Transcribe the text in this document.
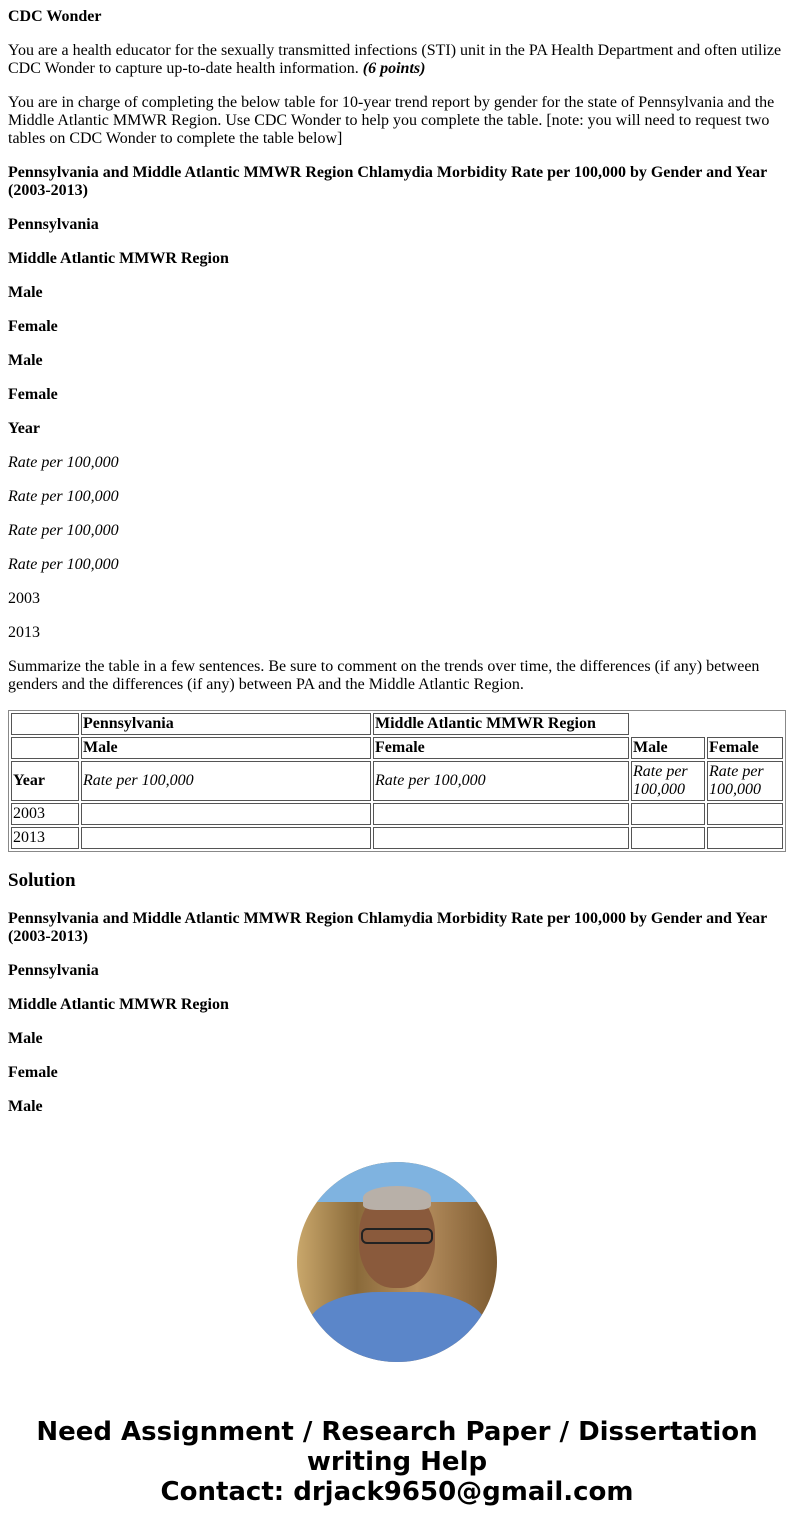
CDC Wonder

You are a health educator for the sexually transmitted infections (STI) unit in the PA Health Department and often utilize CDC Wonder to capture up-to-date health information. (6 points)

You are in charge of completing the below table for 10-year trend report by gender for the state of Pennsylvania and the Middle Atlantic MMWR Region. Use CDC Wonder to help you complete the table. [note: you will need to request two tables on CDC Wonder to complete the table below]

Pennsylvania and Middle Atlantic MMWR Region Chlamydia Morbidity Rate per 100,000 by Gender and Year (2003-2013)

Pennsylvania

Middle Atlantic MMWR Region

Male

Female

Male

Female

Year

Rate per 100,000

Rate per 100,000

Rate per 100,000

Rate per 100,000

2003

2013

Summarize the table in a few sentences. Be sure to comment on the trends over time, the differences (if any) between genders and the differences (if any) between PA and the Middle Atlantic Region.

	Pennsylvania	Middle Atlantic MMWR Region		
	Male	Female	Male	Female
Year	Rate per 100,000	Rate per 100,000	Rate per 100,000	Rate per 100,000
2003				
2013				
Solution

Pennsylvania and Middle Atlantic MMWR Region Chlamydia Morbidity Rate per 100,000 by Gender and Year (2003-2013)

Pennsylvania

Middle Atlantic MMWR Region

Male

Female

Male

Need Assignment / Research Paper / Dissertation writing Help
Contact: drjack9650@gmail.com
